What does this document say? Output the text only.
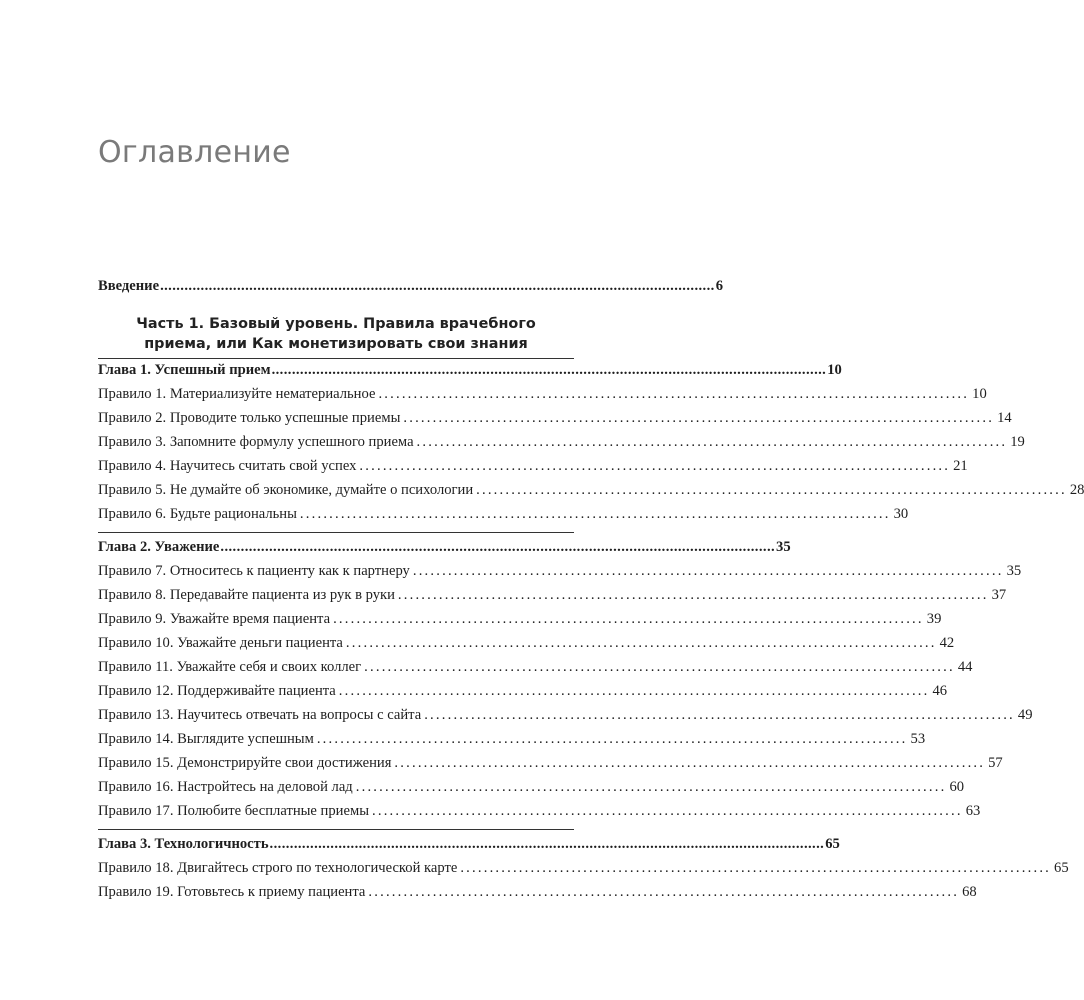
Оглавление
Введение ......................................................................................................................................... 6
Часть 1. Базовый уровень. Правила врачебного
приема, или Как монетизировать свои знания
Глава 1. Успешный прием ......................................................................................................................................... 10
Правило 1. Материализуйте нематериальное ..................................................................................................... 10
Правило 2. Проводите только успешные приемы ..................................................................................................... 14
Правило 3. Запомните формулу успешного приема ..................................................................................................... 19
Правило 4. Научитесь считать свой успех ..................................................................................................... 21
Правило 5. Не думайте об экономике, думайте о психологии ..................................................................................................... 28
Правило 6. Будьте рациональны ..................................................................................................... 30
Глава 2. Уважение ......................................................................................................................................... 35
Правило 7. Относитесь к пациенту как к партнеру ..................................................................................................... 35
Правило 8. Передавайте пациента из рук в руки ..................................................................................................... 37
Правило 9. Уважайте время пациента ..................................................................................................... 39
Правило 10. Уважайте деньги пациента ..................................................................................................... 42
Правило 11. Уважайте себя и своих коллег ..................................................................................................... 44
Правило 12. Поддерживайте пациента ..................................................................................................... 46
Правило 13. Научитесь отвечать на вопросы с сайта ..................................................................................................... 49
Правило 14. Выглядите успешным ..................................................................................................... 53
Правило 15. Демонстрируйте свои достижения ..................................................................................................... 57
Правило 16. Настройтесь на деловой лад ..................................................................................................... 60
Правило 17. Полюбите бесплатные приемы ..................................................................................................... 63
Глава 3. Технологичность ......................................................................................................................................... 65
Правило 18. Двигайтесь строго по технологической карте ..................................................................................................... 65
Правило 19. Готовьтесь к приему пациента ..................................................................................................... 68
